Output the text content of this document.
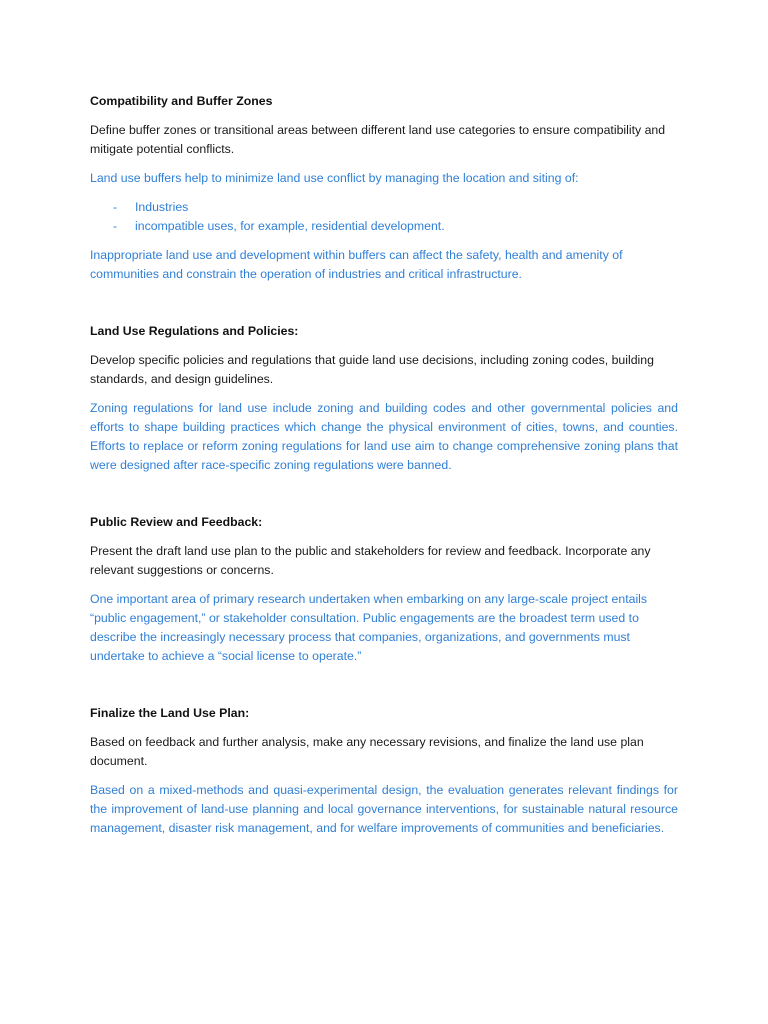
Compatibility and Buffer Zones

Define buffer zones or transitional areas between different land use categories to ensure compatibility and mitigate potential conflicts.

Land use buffers help to minimize land use conflict by managing the location and siting of:

- Industries
- incompatible uses, for example, residential development.

Inappropriate land use and development within buffers can affect the safety, health and amenity of communities and constrain the operation of industries and critical infrastructure.

Land Use Regulations and Policies:

Develop specific policies and regulations that guide land use decisions, including zoning codes, building standards, and design guidelines.

Zoning regulations for land use include zoning and building codes and other governmental policies and efforts to shape building practices which change the physical environment of cities, towns, and counties. Efforts to replace or reform zoning regulations for land use aim to change comprehensive zoning plans that were designed after race-specific zoning regulations were banned.

Public Review and Feedback:

Present the draft land use plan to the public and stakeholders for review and feedback. Incorporate any relevant suggestions or concerns.

One important area of primary research undertaken when embarking on any large-scale project entails “public engagement,” or stakeholder consultation. Public engagements are the broadest term used to describe the increasingly necessary process that companies, organizations, and governments must undertake to achieve a “social license to operate.”

Finalize the Land Use Plan:

Based on feedback and further analysis, make any necessary revisions, and finalize the land use plan document.

Based on a mixed-methods and quasi-experimental design, the evaluation generates relevant findings for the improvement of land-use planning and local governance interventions, for sustainable natural resource management, disaster risk management, and for welfare improvements of communities and beneficiaries.
